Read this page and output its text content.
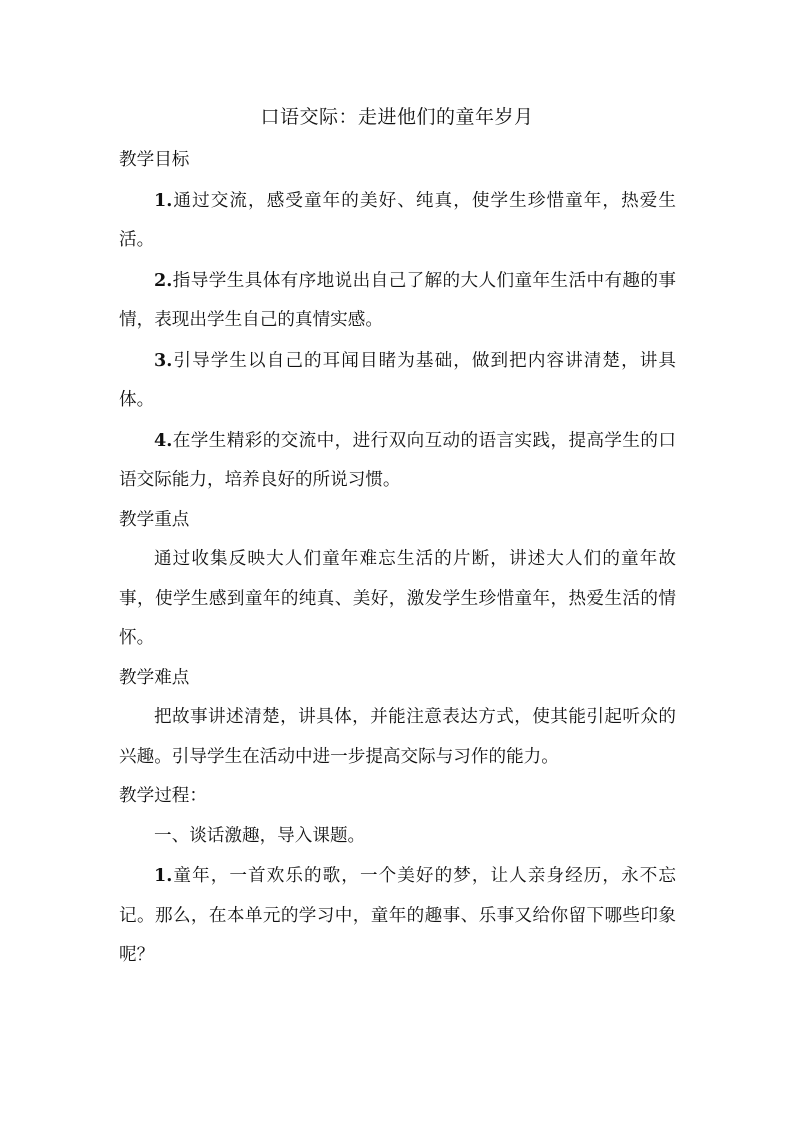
口语交际：走进他们的童年岁月
教学目标

1.通过交流，感受童年的美好、纯真，使学生珍惜童年，热爱生活。

2.指导学生具体有序地说出自己了解的大人们童年生活中有趣的事情，表现出学生自己的真情实感。

3.引导学生以自己的耳闻目睹为基础，做到把内容讲清楚，讲具体。

4.在学生精彩的交流中，进行双向互动的语言实践，提高学生的口语交际能力，培养良好的所说习惯。

教学重点

通过收集反映大人们童年难忘生活的片断，讲述大人们的童年故事，使学生感到童年的纯真、美好，激发学生珍惜童年，热爱生活的情怀。

教学难点

把故事讲述清楚，讲具体，并能注意表达方式，使其能引起听众的兴趣。引导学生在活动中进一步提高交际与习作的能力。

教学过程：

一、谈话激趣，导入课题。

1.童年，一首欢乐的歌，一个美好的梦，让人亲身经历，永不忘记。那么，在本单元的学习中，童年的趣事、乐事又给你留下哪些印象呢？
